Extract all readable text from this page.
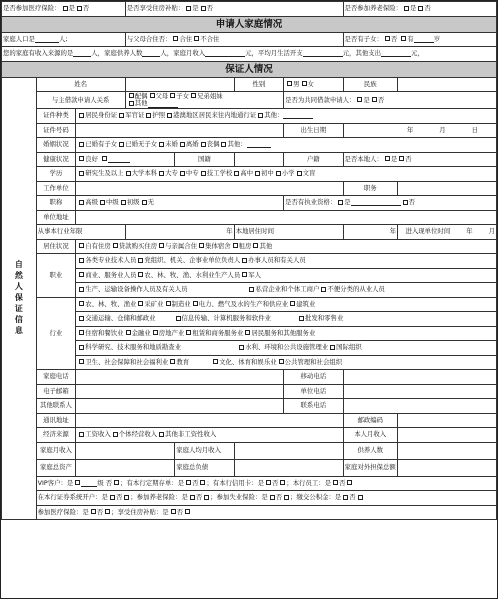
是否参加医疗保险： 是 否			是否享受住房补贴： 是 否				是否参加养老保险： 是 否	
申请人家庭情况								
家庭人口是 人;			与父母合住否： 合住 不合住				是否有子女： 否 有 岁	
您的家庭有收入来源的是 人，家庭供养人数 人，家庭月收入 元，平均月生活开支 元，其他支出 元，								
保证人情况								
自然人保证信息	姓名				性别	男 女	民族	
	与主借款申请人关系		配偶 父母 子女 兄弟姐妹
其他			是否为共同借款申请人： 是 否		
	证件种类	居民身份证 军官证 护照 港澳地区居民来往内地通行证 其他：						
	证件号码					出生日期	年 月 日	
	婚姻状况	已婚有子女 已婚无子女 未婚 离婚 丧偶 其他：						
	健康状况	良好		国籍		户籍	是否本地人： 是 否	
	学历	研究生及以上 大学本科 大专 中专 技工学校 高中 初中 小学 文盲						
	工作单位						职务	
	职称	高级 中级 初级 无				是否有执业资格： 是 否		
	单位地址							
	从事本行业年限		年		本地居住时间		年	进入现单位时间 年 月
	居住状况	自有住房 贷款购买住房 与亲属合住 集体宿舍 租房 其他						
	职业	各类专业技术人员 党组织、机关、企事业单位负责人 办事人员和有关人员						
		商业、服务业人员 农、林、牧、渔、水利业生产人员 军人						
		生产、运输设备操作人员及有关人员 私营企业和个体工商户 不便分类的从业人员						
	行业	农、林、牧、渔业 采矿业 制造业 电力、燃气及水的生产和供应业 建筑业						
		交通运输、仓储和邮政业 信息传输、计算机服务和软件业 批发和零售业						
		住宿和餐饮业 金融业 房地产业 租赁和商务服务业 居民服务和其他服务业						
		科学研究、技术服务和地质勘查业 水利、环境和公共设施管理业 国际组织						
		卫生、社会保障和社会福利业 教育 文化、体育和娱乐业 公共管理和社会组织						
	家庭电话					移动电话		
	电子邮箱					单位电话		
	其他联系人					联系电话		
	通讯地址						邮政编码	
	经济来源	工资收入 个体经营收入 其他非工资性收入					本人月收入	
	家庭月收入			家庭人均月收入			供养人数	
	家庭总资产			家庭总负债			家庭对外担保总额	
	VIP客户：是 级 否 ；有本行定期存单：是 否 ；有本行信用卡：是 否 ；本行员工：是 否							
	在本行证券系统开户：是 否 ；参加养老保险：是 否 ；参加失业保险：是 否 ；缴交公积金：是 否							
	参加医疗保险：是 否 ；享受住房补贴：是 否							
